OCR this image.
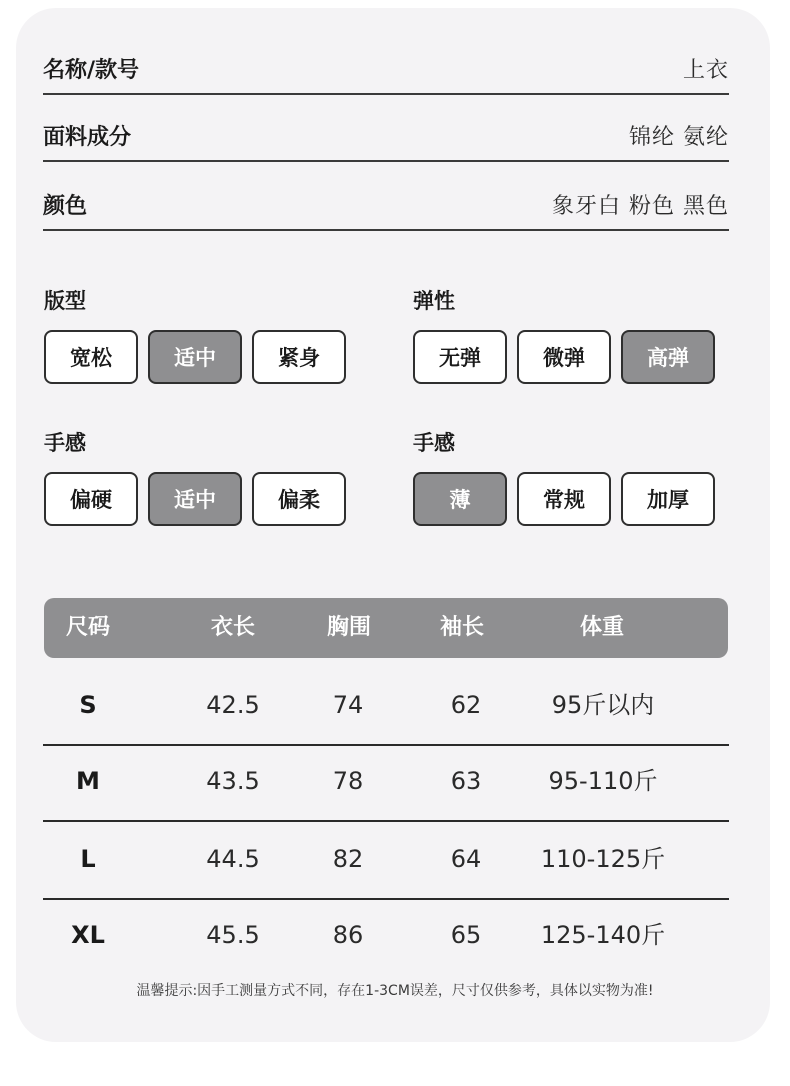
名称/款号	上衣
面料成分	锦纶 氨纶
颜色	象牙白 粉色 黑色
版型
宽松	适中	紧身
弹性
无弹	微弹	高弹
手感
偏硬	适中	偏柔
手感
薄	常规	加厚
尺码	衣长	胸围	袖长	体重
S	42.5	74	62	95斤以内
M	43.5	78	63	95-110斤
L	44.5	82	64 110-125斤
XL	45.5	86	65 125-140斤
温馨提示:因手工测量方式不同，存在1-3CM误差，尺寸仅供参考，具体以实物为准!
